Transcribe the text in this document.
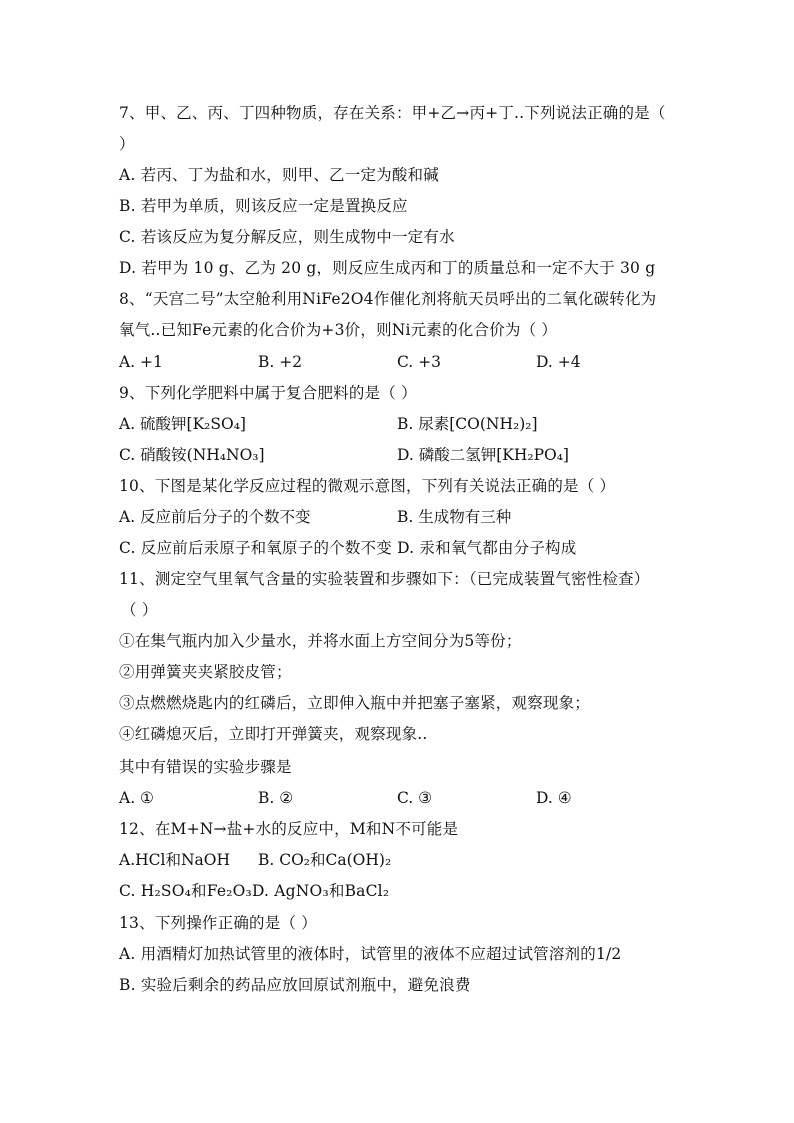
7、甲、乙、丙、丁四种物质，存在关系：甲+乙→丙+丁..下列说法正确的是（
）
A. 若丙、丁为盐和水，则甲、乙一定为酸和碱
B. 若甲为单质，则该反应一定是置换反应
C. 若该反应为复分解反应，则生成物中一定有水
D. 若甲为 10 g、乙为 20 g，则反应生成丙和丁的质量总和一定不大于 30 g
8、“天宫二号”太空舱利用NiFe2O4作催化剂将航天员呼出的二氧化碳转化为
氧气..已知Fe元素的化合价为+3价，则Ni元素的化合价为（ ）
A. +1	B. +2	C. +3	D. +4
9、下列化学肥料中属于复合肥料的是（ ）
A. 硫酸钾[K₂SO₄]	B. 尿素[CO(NH₂)₂]
C. 硝酸铵(NH₄NO₃]	D. 磷酸二氢钾[KH₂PO₄]
10、下图是某化学反应过程的微观示意图，下列有关说法正确的是（ ）
A. 反应前后分子的个数不变	B. 生成物有三种
C. 反应前后汞原子和氧原子的个数不变 D. 汞和氧气都由分子构成
11、测定空气里氧气含量的实验装置和步骤如下：（已完成装置气密性检查）
（ ）
①在集气瓶内加入少量水，并将水面上方空间分为5等份；
②用弹簧夹夹紧胶皮管；
③点燃燃烧匙内的红磷后，立即伸入瓶中并把塞子塞紧，观察现象；
④红磷熄灭后，立即打开弹簧夹，观察现象..
其中有错误的实验步骤是
A. ①	B. ②	C. ③	D. ④
12、在M+N→盐+水的反应中，M和N不可能是
A.HCl和NaOH B. CO₂和Ca(OH)₂
C. H₂SO₄和Fe₂O₃D. AgNO₃和BaCl₂
13、下列操作正确的是（ ）
A. 用酒精灯加热试管里的液体时，试管里的液体不应超过试管溶剂的1/2
B. 实验后剩余的药品应放回原试剂瓶中，避免浪费
